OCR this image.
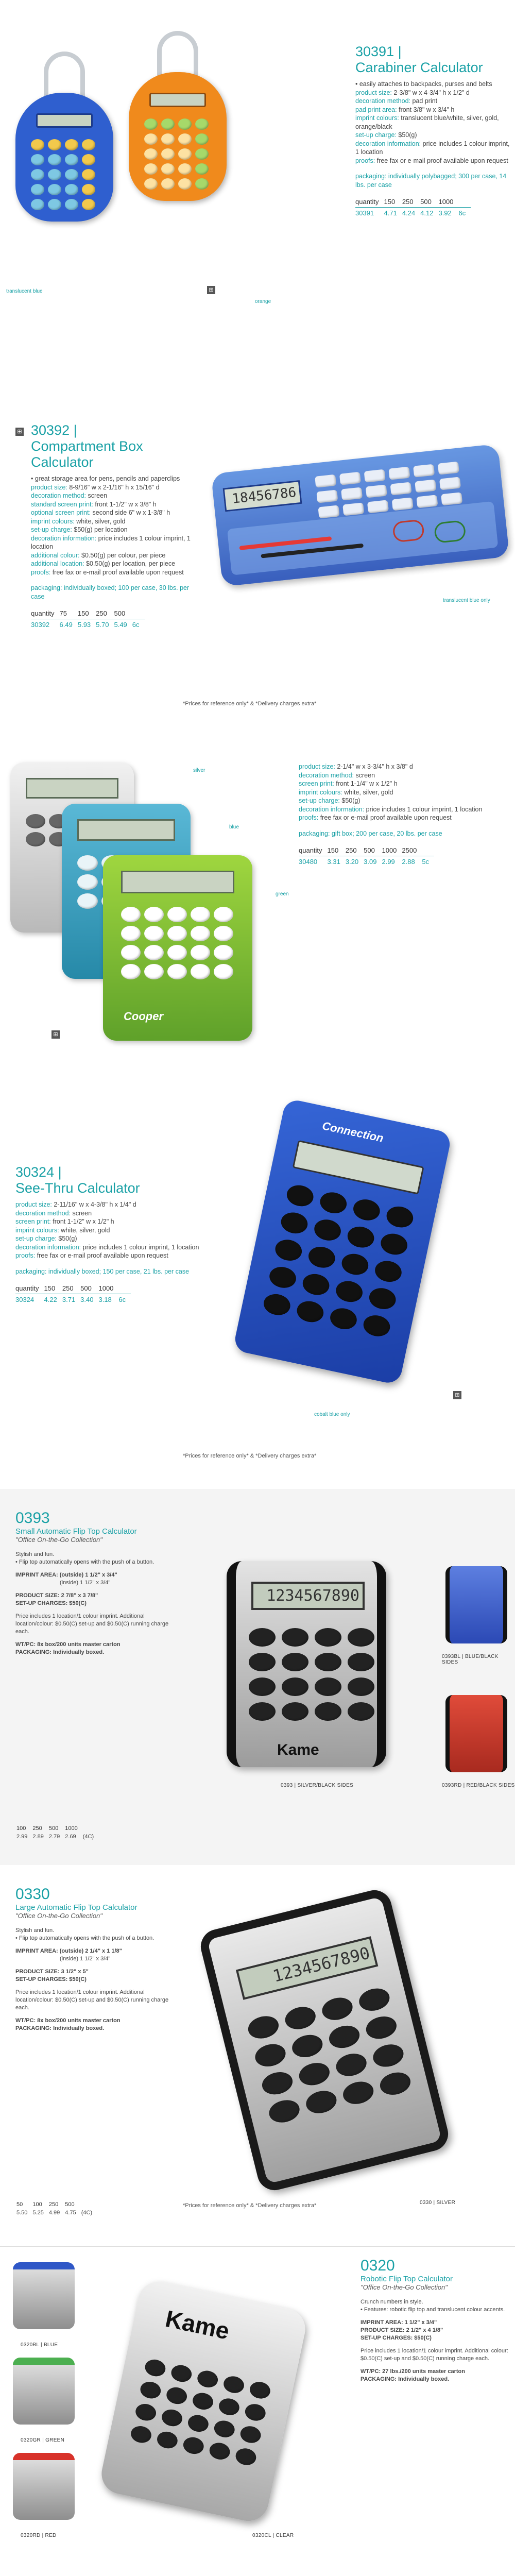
translucent blue
orange
⊞
30391 |
Carabiner Calculator
• easily attaches to backpacks, purses and belts
product size: 2-3/8" w x 4-3/4" h x 1/2" d
decoration method: pad print
pad print area: front 3/8" w x 3/4" h
imprint colours: translucent blue/white, silver, gold, orange/black
set-up charge: $50(g)
decoration information: price includes 1 colour imprint, 1 location
proofs: free fax or e-mail proof available upon request
packaging: individually polybagged; 300 per case, 14 lbs. per case
quantity	150	250	500	1000	
30391	4.71	4.24	4.12	3.92	6c
30392 |
Compartment Box Calculator
• great storage area for pens, pencils and paperclips
product size: 8-9/16" w x 2-1/16" h x 15/16" d
decoration method: screen
standard screen print: front 1-1/2" w x 3/8" h
optional screen print: second side 6" w x 1-3/8" h
imprint colours: white, silver, gold
set-up charge: $50(g) per location
decoration information: price includes 1 colour imprint, 1 location
additional colour: $0.50(g) per colour, per piece
additional location: $0.50(g) per location, per piece
proofs: free fax or e-mail proof available upon request
packaging: individually boxed; 100 per case, 30 lbs. per case
quantity	75	150	250	500	
30392	6.49	5.93	5.70	5.49	6c
⊞
18456786
translucent blue only
*Prices for reference only* & *Delivery charges extra*
Cooper
silver
blue
green
⊞
product size: 2-1/4" w x 3-3/4" h x 3/8" d
decoration method: screen
screen print: front 1-1/4" w x 1/2" h
imprint colours: white, silver, gold
set-up charge: $50(g)
decoration information: price includes 1 colour imprint, 1 location
proofs: free fax or e-mail proof available upon request
packaging: gift box; 200 per case, 20 lbs. per case
quantity	150	250	500	1000	2500	
30480	3.31	3.20	3.09	2.99	2.88	5c
30324 |
See-Thru Calculator
product size: 2-11/16" w x 4-3/8" h x 1/4" d
decoration method: screen
screen print: front 1-1/2" w x 1/2" h
imprint colours: white, silver, gold
set-up charge: $50(g)
decoration information: price includes 1 colour imprint, 1 location
proofs: free fax or e-mail proof available upon request
packaging: individually boxed; 150 per case, 21 lbs. per case
quantity	150	250	500	1000	
30324	4.22	3.71	3.40	3.18	6c
Connection
⊞
cobalt blue only
*Prices for reference only* & *Delivery charges extra*
0393
Small Automatic Flip Top Calculator
"Office On-the-Go Collection"
Stylish and fun.
• Flip top automatically opens with the push of a button.
IMPRINT AREA: (outside) 1 1/2" x 3/4"
(inside) 1 1/2" x 3/4"
PRODUCT SIZE: 2 7/8" x 3 7/8"
SET-UP CHARGES: $50(C)
Price includes 1 location/1 colour imprint. Additional location/colour: $0.50(C) set-up and $0.50(C) running charge each.
WT/PC: 8x box/200 units master carton
PACKAGING: Individually boxed.
100	250	500	1000	
2.99	2.89	2.79	2.69	(4C)
1234567890
Kame
0393 | SILVER/BLACK SIDES
0393BL | BLUE/BLACK SIDES
0393RD | RED/BLACK SIDES
0330
Large Automatic Flip Top Calculator
"Office On-the-Go Collection"
Stylish and fun.
• Flip top automatically opens with the push of a button.
IMPRINT AREA: (outside) 2 1/4" x 1 1/8"
(inside) 1 1/2" x 3/4"
PRODUCT SIZE: 3 1/2" x 5"
SET-UP CHARGES: $50(C)
Price includes 1 location/1 colour imprint. Additional location/colour: $0.50(C) set-up and $0.50(C) running charge each.
WT/PC: 8x box/200 units master carton
PACKAGING: Individually boxed.
50	100	250	500	
5.50	5.25	4.99	4.75	(4C)
1234567890
0330 | SILVER
*Prices for reference only* & *Delivery charges extra*
0320BL | BLUE
0320GR | GREEN
0320RD | RED
Kame
0320CL | CLEAR
0320
Robotic Flip Top Calculator
"Office On-the-Go Collection"
Crunch numbers in style.
• Features: robotic flip top and translucent colour accents.
IMPRINT AREA: 1 1/2" x 3/4"
PRODUCT SIZE: 2 1/2" x 4 1/8"
SET-UP CHARGES: $50(C)
Price includes 1 location/1 colour imprint. Additional colour: $0.50(C) set-up and $0.50(C) running charge each.
WT/PC: 27 lbs./200 units master carton
PACKAGING: Individually boxed.
